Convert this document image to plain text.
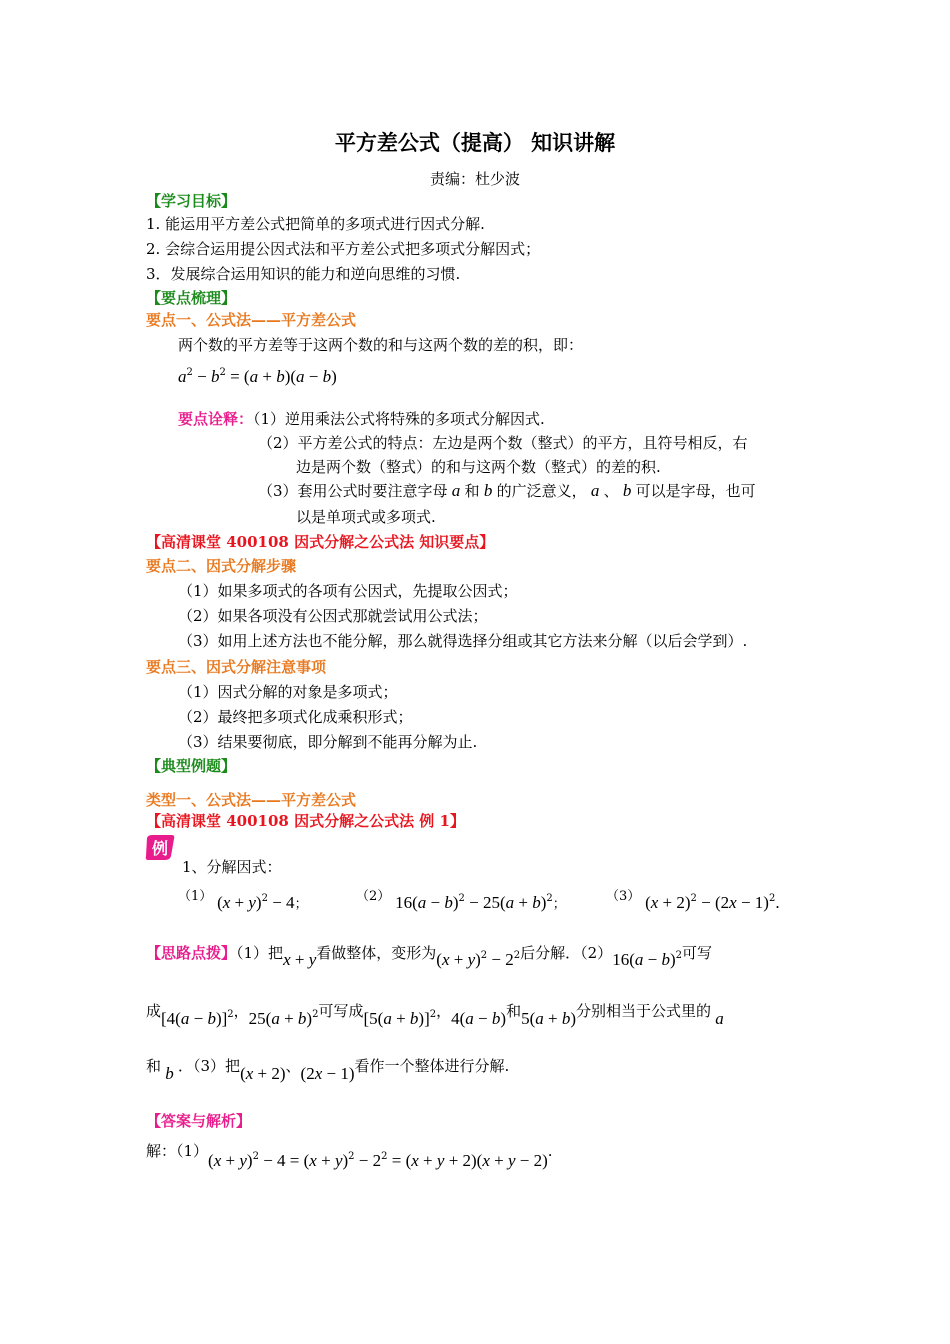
平方差公式（提高） 知识讲解
责编：杜少波
【学习目标】
1. 能运用平方差公式把简单的多项式进行因式分解.
2. 会综合运用提公因式法和平方差公式把多项式分解因式；
3．发展综合运用知识的能力和逆向思维的习惯.
【要点梳理】
要点一、公式法——平方差公式
两个数的平方差等于这两个数的和与这两个数的差的积，即：
$a^2 - b^2 = (a + b)(a - b)$
要点诠释：（1）逆用乘法公式将特殊的多项式分解因式.
（2）平方差公式的特点：左边是两个数（整式）的平方，且符号相反，右
边是两个数（整式）的和与这两个数（整式）的差的积.
（3）套用公式时要注意字母 a 和 b 的广泛意义， a 、 b 可以是字母，也可
以是单项式或多项式.
【高清课堂 400108 因式分解之公式法 知识要点】
要点二、因式分解步骤
（1）如果多项式的各项有公因式，先提取公因式；
（2）如果各项没有公因式那就尝试用公式法；
（3）如用上述方法也不能分解，那么就得选择分组或其它方法来分解（以后会学到）.
要点三、因式分解注意事项
（1）因式分解的对象是多项式；
（2）最终把多项式化成乘积形式；
（3）结果要彻底，即分解到不能再分解为止.
【典型例题】
类型一、公式法——平方差公式
【高清课堂 400108 因式分解之公式法 例 1】
例
1、分解因式：
（1） $(x + y)^2 - 4$；
（2） $16(a - b)^2 - 25(a + b)^2$；
（3） $(x + 2)^2 - (2x - 1)^2$.
【思路点拨】（1）把x + y看做整体，变形为$(x + y)^2 - 2^2$后分解．$(2)16(a - b)^2$可写
成$[4(a - b)]^2$，$25(a + b)^2$可写成$[5(a + b)]^2$，4(a − b)和5(a + b)分别相当于公式里的 a
和 b ．（3）把(x + 2)、(2x − 1)看作一个整体进行分解.
【答案与解析】
解：$(1)(x + y)^2 - 4 = (x + y)^2 - 2^2 = (x + y + 2)(x + y - 2)$.
